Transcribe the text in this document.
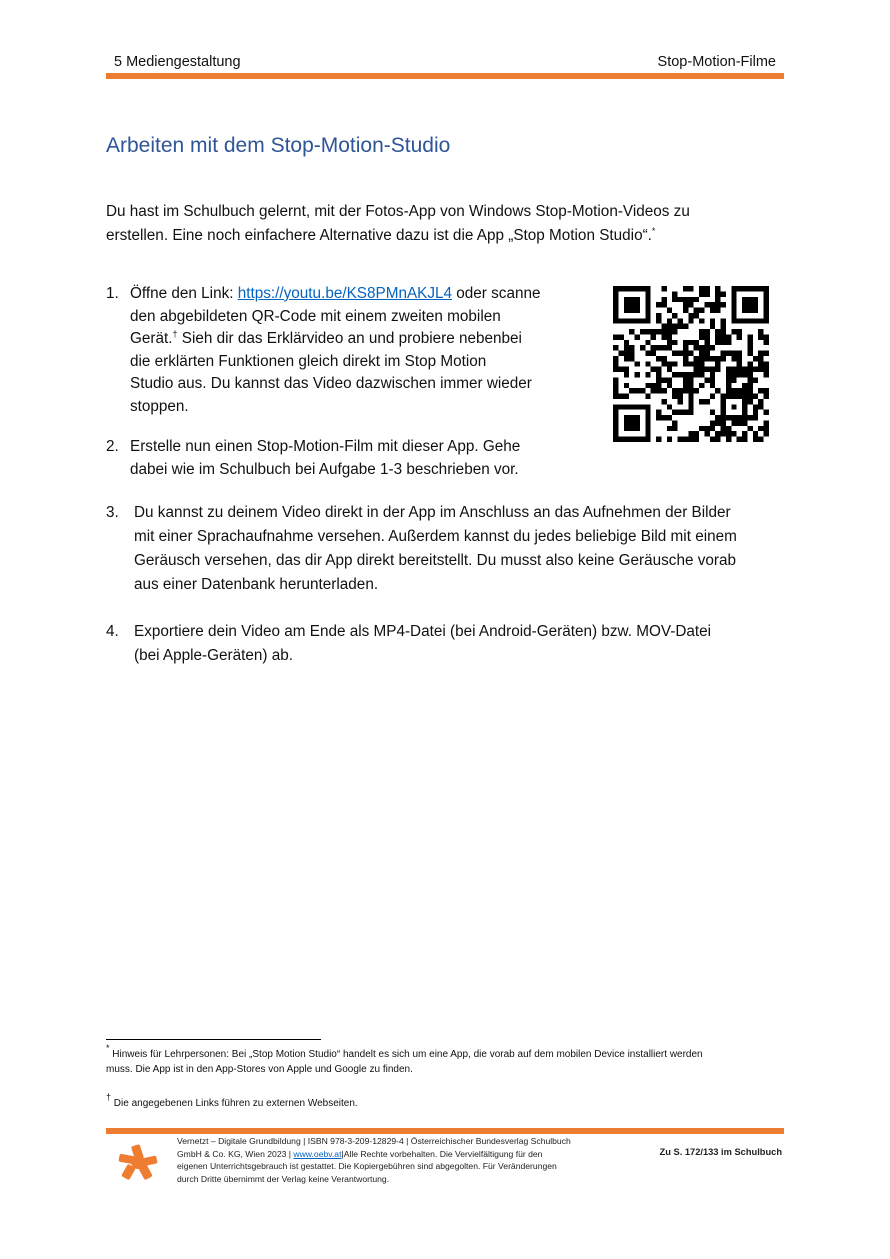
5 Mediengestaltung	Stop-Motion-Filme
Arbeiten mit dem Stop-Motion-Studio

Du hast im Schulbuch gelernt, mit der Fotos-App von Windows Stop-Motion-Videos zu
erstellen. Eine noch einfachere Alternative dazu ist die App „Stop Motion Studio“.*

1. Öffne den Link: https://youtu.be/KS8PMnAKJL4 oder scanne
den abgebildeten QR-Code mit einem zweiten mobilen
Gerät.† Sieh dir das Erklärvideo an und probiere nebenbei
die erklärten Funktionen gleich direkt im Stop Motion
Studio aus. Du kannst das Video dazwischen immer wieder
stoppen.
2. Erstelle nun einen Stop-Motion-Film mit dieser App. Gehe
dabei wie im Schulbuch bei Aufgabe 1-3 beschrieben vor.
3. Du kannst zu deinem Video direkt in der App im Anschluss an das Aufnehmen der Bilder
mit einer Sprachaufnahme versehen. Außerdem kannst du jedes beliebige Bild mit einem
Geräusch versehen, das dir App direkt bereitstellt. Du musst also keine Geräusche vorab
aus einer Datenbank herunterladen.
4. Exportiere dein Video am Ende als MP4-Datei (bei Android-Geräten) bzw. MOV-Datei
(bei Apple-Geräten) ab.
* Hinweis für Lehrpersonen: Bei „Stop Motion Studio“ handelt es sich um eine App, die vorab auf dem mobilen Device installiert werden
muss. Die App ist in den App-Stores von Apple und Google zu finden.
† Die angegebenen Links führen zu externen Webseiten.
Vernetzt – Digitale Grundbildung | ISBN 978-3-209-12829-4 | Österreichischer Bundesverlag Schulbuch
GmbH & Co. KG, Wien 2023 | www.oebv.at|Alle Rechte vorbehalten. Die Vervielfältigung für den
eigenen Unterrichtsgebrauch ist gestattet. Die Kopiergebühren sind abgegolten. Für Veränderungen
durch Dritte übernimmt der Verlag keine Verantwortung.
Zu S. 172/133 im Schulbuch
